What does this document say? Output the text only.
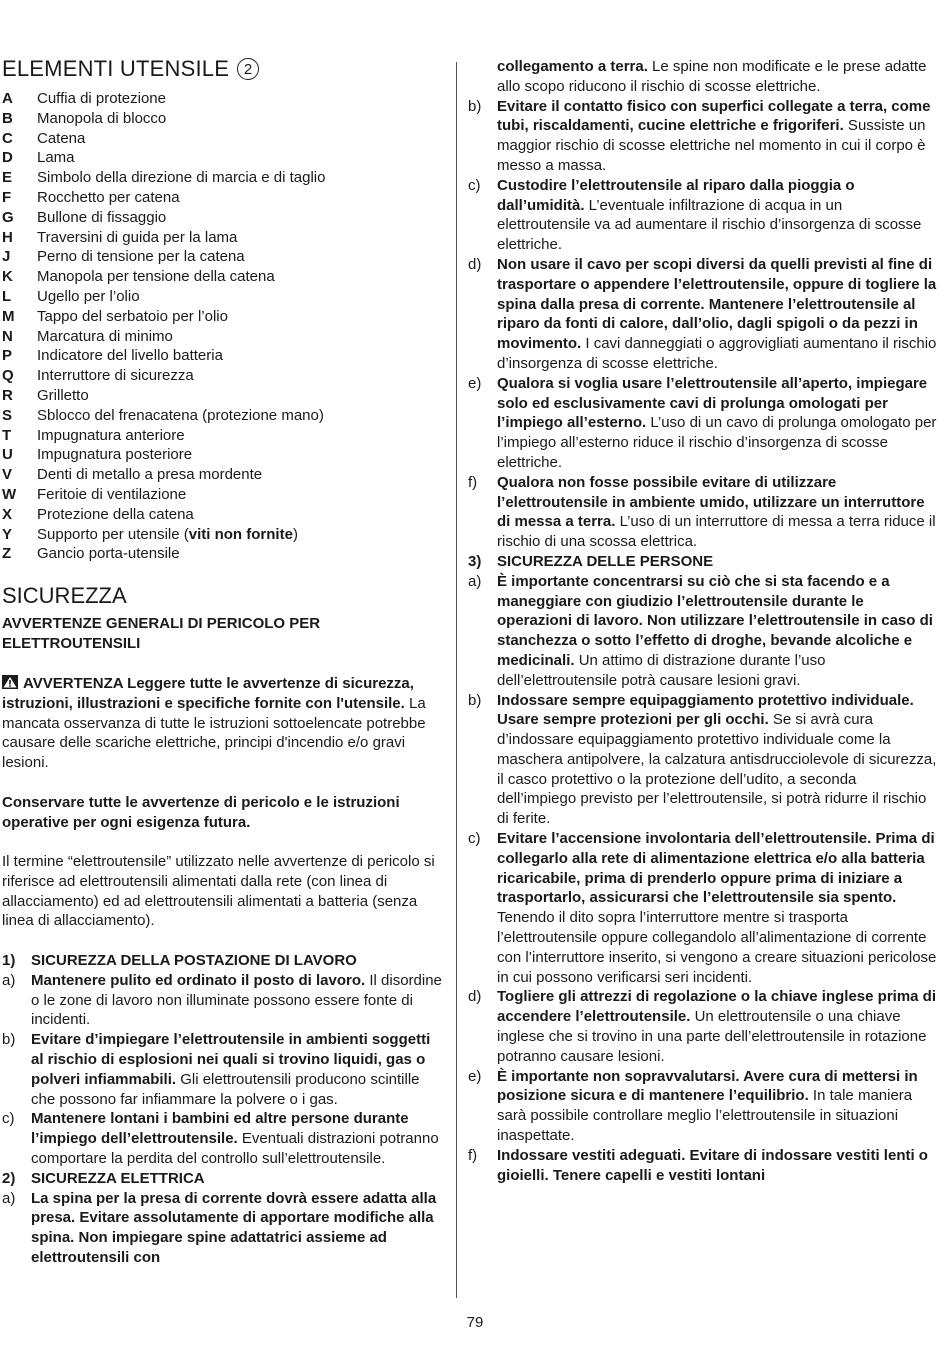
ELEMENTI UTENSILE 2
A Cuffia di protezione
B Manopola di blocco
C Catena
D Lama
E Simbolo della direzione di marcia e di taglio
F Rocchetto per catena
G Bullone di fissaggio
H Traversini di guida per la lama
J Perno di tensione per la catena
K Manopola per tensione della catena
L Ugello per l’olio
M Tappo del serbatoio per l’olio
N Marcatura di minimo
P Indicatore del livello batteria
Q Interruttore di sicurezza
R Grilletto
S Sblocco del frenacatena (protezione mano)
T Impugnatura anteriore
U Impugnatura posteriore
V Denti di metallo a presa mordente
W Feritoie di ventilazione
X Protezione della catena
Y Supporto per utensile (viti non fornite)
Z Gancio porta-utensile
SICUREZZA
AVVERTENZE GENERALI DI PERICOLO PER
ELETTROUTENSILI
AVVERTENZA Leggere tutte le avvertenze di sicurezza, istruzioni, illustrazioni e specifiche fornite con l'utensile. La mancata osservanza di tutte le istruzioni sottoelencate potrebbe causare delle scariche elettriche, principi d'incendio e/o gravi lesioni.
Conservare tutte le avvertenze di pericolo e le istruzioni operative per ogni esigenza futura.
Il termine “elettroutensile” utilizzato nelle avvertenze di pericolo si riferisce ad elettroutensili alimentati dalla rete (con linea di allacciamento) ed ad elettroutensili alimentati a batteria (senza linea di allacciamento).
1) SICUREZZA DELLA POSTAZIONE DI LAVORO
a) Mantenere pulito ed ordinato il posto di lavoro. Il disordine o le zone di lavoro non illuminate possono essere fonte di incidenti.
b) Evitare d’impiegare l’elettroutensile in ambienti soggetti al rischio di esplosioni nei quali si trovino liquidi, gas o polveri infiammabili. Gli elettroutensili producono scintille che possono far infiammare la polvere o i gas.
c) Mantenere lontani i bambini ed altre persone durante l’impiego dell’elettroutensile. Eventuali distrazioni potranno comportare la perdita del controllo sull’elettroutensile.
2) SICUREZZA ELETTRICA
a) La spina per la presa di corrente dovrà essere adatta alla presa. Evitare assolutamente di apportare modifiche alla spina. Non impiegare spine adattatrici assieme ad elettroutensili con
collegamento a terra. Le spine non modificate e le prese adatte allo scopo riducono il rischio di scosse elettriche.
b) Evitare il contatto fisico con superfici collegate a terra, come tubi, riscaldamenti, cucine elettriche e frigoriferi. Sussiste un maggior rischio di scosse elettriche nel momento in cui il corpo è messo a massa.
c) Custodire l’elettroutensile al riparo dalla pioggia o dall’umidità. L’eventuale infiltrazione di acqua in un elettroutensile va ad aumentare il rischio d’insorgenza di scosse elettriche.
d) Non usare il cavo per scopi diversi da quelli previsti al fine di trasportare o appendere l’elettroutensile, oppure di togliere la spina dalla presa di corrente. Mantenere l’elettroutensile al riparo da fonti di calore, dall’olio, dagli spigoli o da pezzi in movimento. I cavi danneggiati o aggrovigliati aumentano il rischio d’insorgenza di scosse elettriche.
e) Qualora si voglia usare l’elettroutensile all’aperto, impiegare solo ed esclusivamente cavi di prolunga omologati per l’impiego all’esterno. L’uso di un cavo di prolunga omologato per l’impiego all’esterno riduce il rischio d’insorgenza di scosse elettriche.
f) Qualora non fosse possibile evitare di utilizzare l’elettroutensile in ambiente umido, utilizzare un interruttore di messa a terra. L’uso di un interruttore di messa a terra riduce il rischio di una scossa elettrica.
3) SICUREZZA DELLE PERSONE
a) È importante concentrarsi su ciò che si sta facendo e a maneggiare con giudizio l’elettroutensile durante le operazioni di lavoro. Non utilizzare l’elettroutensile in caso di stanchezza o sotto l’effetto di droghe, bevande alcoliche e medicinali. Un attimo di distrazione durante l’uso dell’elettroutensile potrà causare lesioni gravi.
b) Indossare sempre equipaggiamento protettivo individuale. Usare sempre protezioni per gli occhi. Se si avrà cura d’indossare equipaggiamento protettivo individuale come la maschera antipolvere, la calzatura antisdrucciolevole di sicurezza, il casco protettivo o la protezione dell’udito, a seconda dell’impiego previsto per l’elettroutensile, si potrà ridurre il rischio di ferite.
c) Evitare l’accensione involontaria dell’elettroutensile. Prima di collegarlo alla rete di alimentazione elettrica e/o alla batteria ricaricabile, prima di prenderlo oppure prima di iniziare a trasportarlo, assicurarsi che l’elettroutensile sia spento. Tenendo il dito sopra l’interruttore mentre si trasporta l’elettroutensile oppure collegandolo all’alimentazione di corrente con l’interruttore inserito, si vengono a creare situazioni pericolose in cui possono verificarsi seri incidenti.
d) Togliere gli attrezzi di regolazione o la chiave inglese prima di accendere l’elettroutensile. Un elettroutensile o una chiave inglese che si trovino in una parte dell’elettroutensile in rotazione potranno causare lesioni.
e) È importante non sopravvalutarsi. Avere cura di mettersi in posizione sicura e di mantenere l’equilibrio. In tale maniera sarà possibile controllare meglio l’elettroutensile in situazioni inaspettate.
f) Indossare vestiti adeguati. Evitare di indossare vestiti lenti o gioielli. Tenere capelli e vestiti lontani
79
